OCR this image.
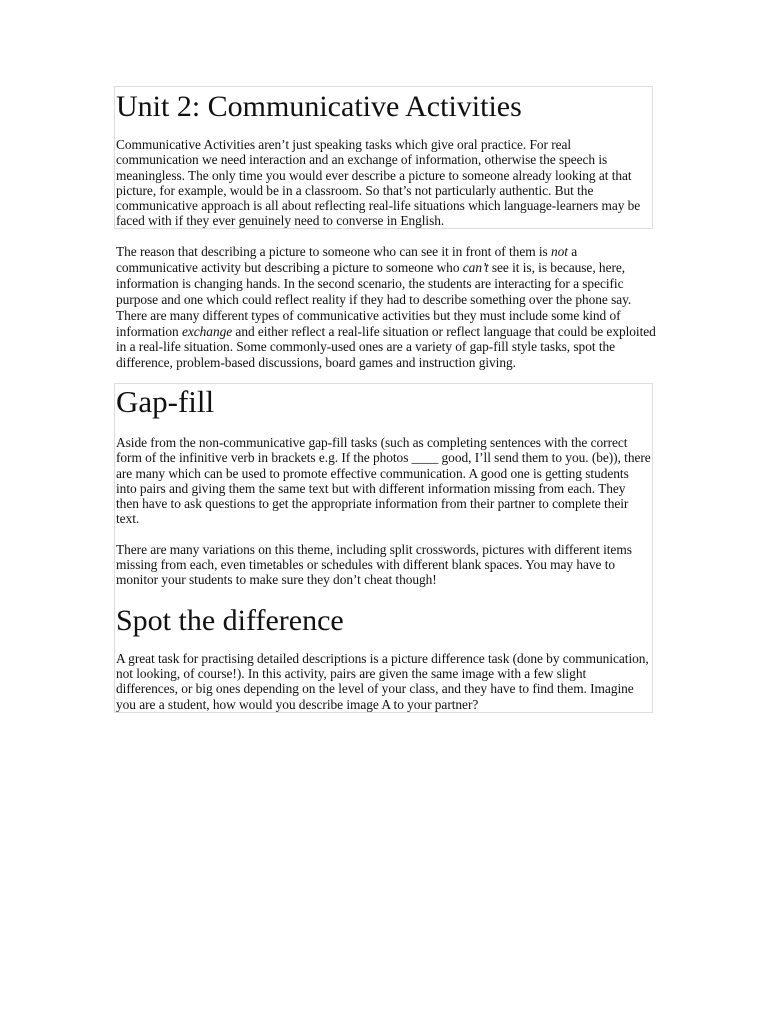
Unit 2: Communicative Activities

Communicative Activities aren’t just speaking tasks which give oral practice. For real communication we need interaction and an exchange of information, otherwise the speech is meaningless. The only time you would ever describe a picture to someone already looking at that picture, for example, would be in a classroom. So that’s not particularly authentic. But the communicative approach is all about reflecting real-life situations which language-learners may be faced with if they ever genuinely need to converse in English.

The reason that describing a picture to someone who can see it in front of them is not a communicative activity but describing a picture to someone who can’t see it is, is because, here, information is changing hands. In the second scenario, the students are interacting for a specific purpose and one which could reflect reality if they had to describe something over the phone say. There are many different types of communicative activities but they must include some kind of information exchange and either reflect a real-life situation or reflect language that could be exploited in a real-life situation. Some commonly-used ones are a variety of gap-fill style tasks, spot the difference, problem-based discussions, board games and instruction giving.

Gap-fill

Aside from the non-communicative gap-fill tasks (such as completing sentences with the correct form of the infinitive verb in brackets e.g. If the photos ____ good, I’ll send them to you. (be)), there are many which can be used to promote effective communication. A good one is getting students into pairs and giving them the same text but with different information missing from each. They then have to ask questions to get the appropriate information from their partner to complete their text.

There are many variations on this theme, including split crosswords, pictures with different items missing from each, even timetables or schedules with different blank spaces. You may have to monitor your students to make sure they don’t cheat though!

Spot the difference

A great task for practising detailed descriptions is a picture difference task (done by communication, not looking, of course!). In this activity, pairs are given the same image with a few slight differences, or big ones depending on the level of your class, and they have to find them. Imagine you are a student, how would you describe image A to your partner?
